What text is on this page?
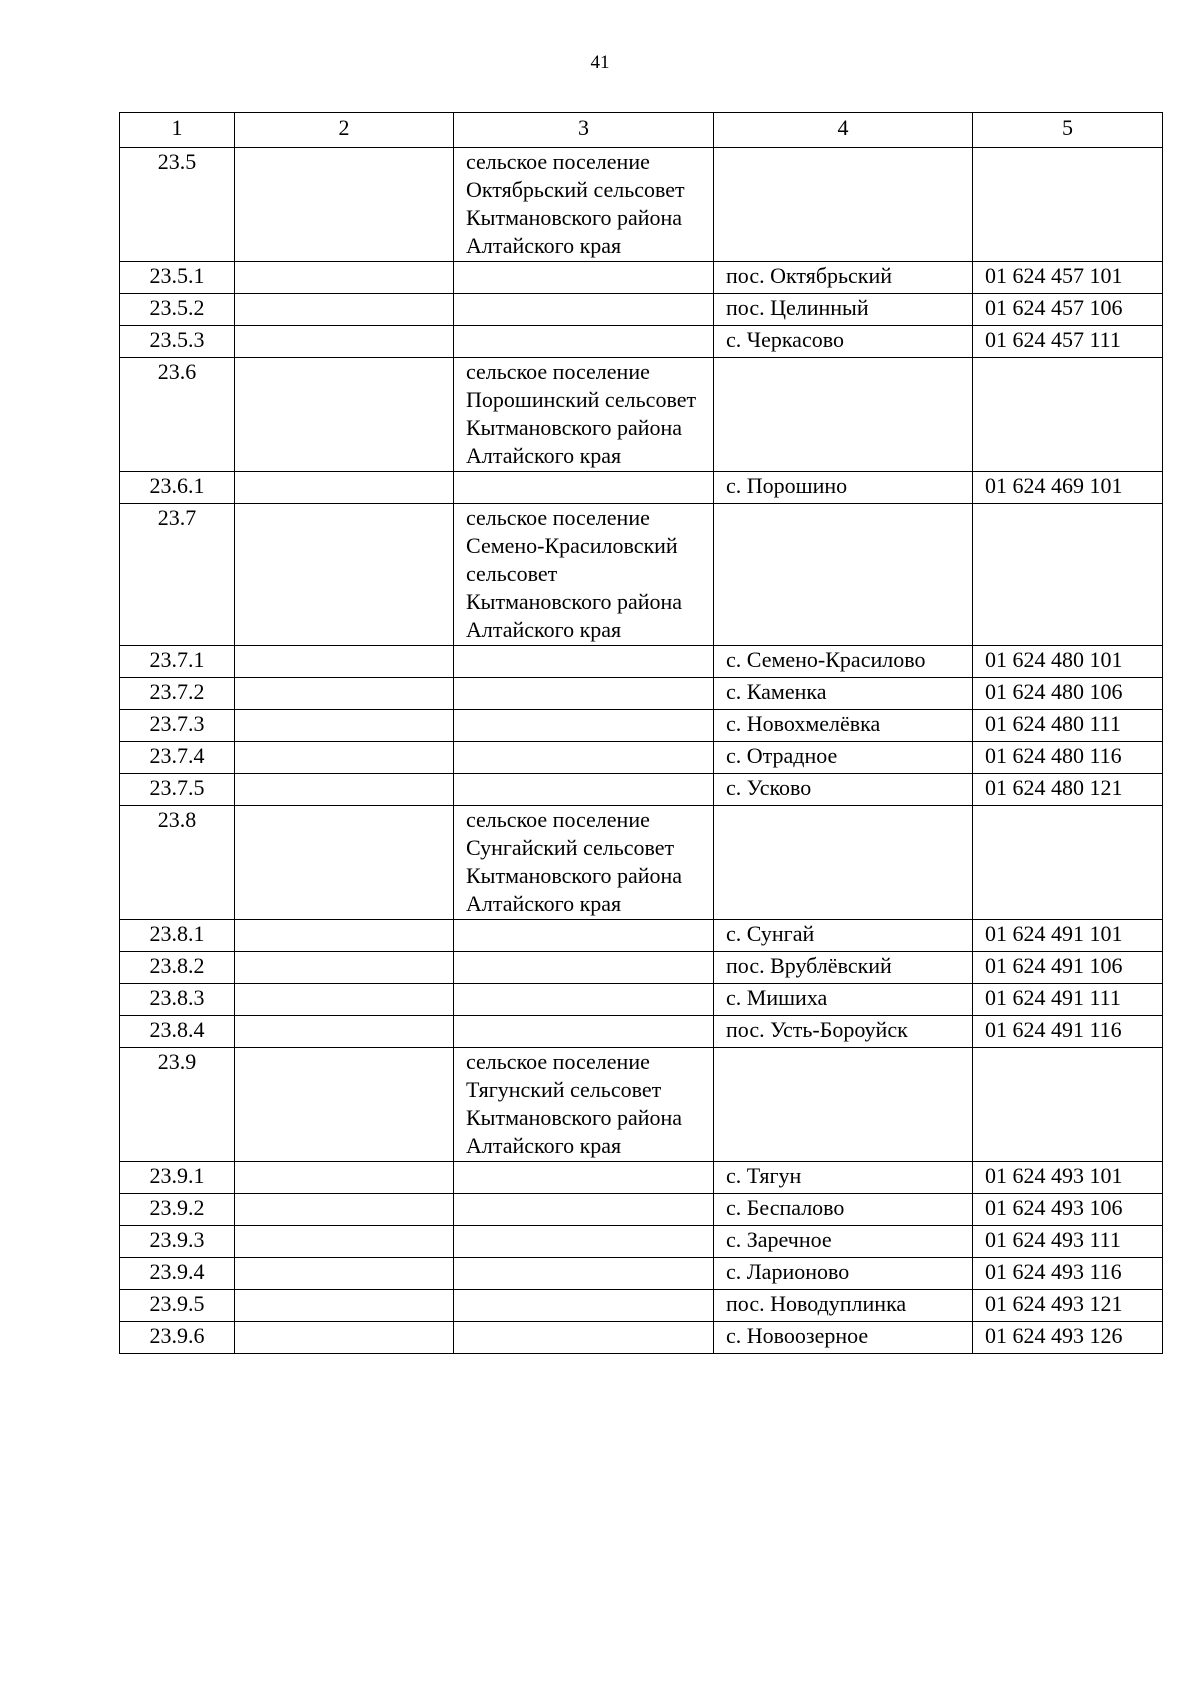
41
1	2	3	4	5
23.5		сельское поселение Октябрьский сельсовет Кытмановского района Алтайского края		
23.5.1			пос. Октябрьский	01 624 457 101
23.5.2			пос. Целинный	01 624 457 106
23.5.3			с. Черкасово	01 624 457 111
23.6		сельское поселение Порошинский сельсовет Кытмановского района Алтайского края		
23.6.1			с. Порошино	01 624 469 101
23.7		сельское поселение Семено-Красиловский сельсовет Кытмановского района Алтайского края		
23.7.1			с. Семено-Красилово	01 624 480 101
23.7.2			с. Каменка	01 624 480 106
23.7.3			с. Новохмелёвка	01 624 480 111
23.7.4			с. Отрадное	01 624 480 116
23.7.5			с. Усково	01 624 480 121
23.8		сельское поселение Сунгайский сельсовет Кытмановского района Алтайского края		
23.8.1			с. Сунгай	01 624 491 101
23.8.2			пос. Врублёвский	01 624 491 106
23.8.3			с. Мишиха	01 624 491 111
23.8.4			пос. Усть-Бороуйск	01 624 491 116
23.9		сельское поселение Тягунский сельсовет Кытмановского района Алтайского края		
23.9.1			с. Тягун	01 624 493 101
23.9.2			с. Беспалово	01 624 493 106
23.9.3			с. Заречное	01 624 493 111
23.9.4			с. Ларионово	01 624 493 116
23.9.5			пос. Новодуплинка	01 624 493 121
23.9.6			с. Новоозерное	01 624 493 126
